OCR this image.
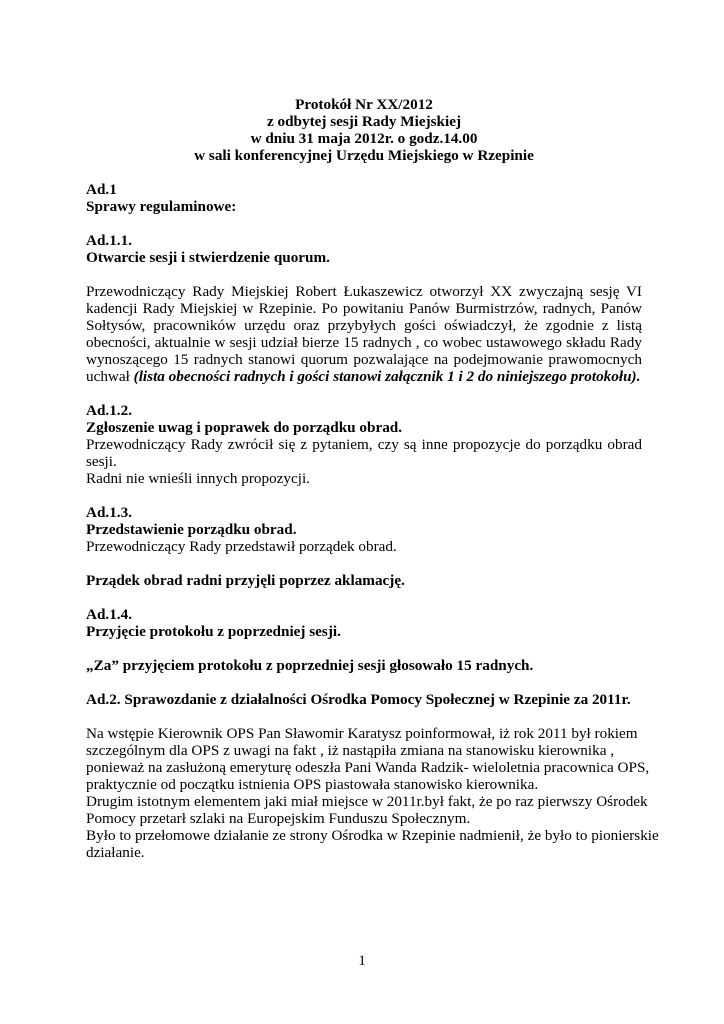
Protokół Nr XX/2012
z odbytej sesji Rady Miejskiej
w dniu 31 maja 2012r. o godz.14.00
w sali konferencyjnej Urzędu Miejskiego w Rzepinie
Ad.1
Sprawy regulaminowe:
Ad.1.1.
Otwarcie sesji i stwierdzenie quorum.
Przewodniczący Rady Miejskiej Robert Łukaszewicz otworzył XX zwyczajną sesję VI
kadencji Rady Miejskiej w Rzepinie. Po powitaniu Panów Burmistrzów, radnych, Panów
Sołtysów, pracowników urzędu oraz przybyłych gości oświadczył, że zgodnie z listą
obecności, aktualnie w sesji udział bierze 15 radnych , co wobec ustawowego składu Rady
wynoszącego 15 radnych stanowi quorum pozwalające na podejmowanie prawomocnych
uchwał (lista obecności radnych i gości stanowi załącznik 1 i 2 do niniejszego protokołu).
Ad.1.2.
Zgłoszenie uwag i poprawek do porządku obrad.
Przewodniczący Rady zwrócił się z pytaniem, czy są inne propozycje do porządku obrad
sesji.
Radni nie wnieśli innych propozycji.
Ad.1.3.
Przedstawienie porządku obrad.
Przewodniczący Rady przedstawił porządek obrad.
Prządek obrad radni przyjęli poprzez aklamację.
Ad.1.4.
Przyjęcie protokołu z poprzedniej sesji.
„Za” przyjęciem protokołu z poprzedniej sesji głosowało 15 radnych.
Ad.2. Sprawozdanie z działalności Ośrodka Pomocy Społecznej w Rzepinie za 2011r.
Na wstępie Kierownik OPS Pan Sławomir Karatysz poinformował, iż rok 2011 był rokiem
szczególnym dla OPS z uwagi na fakt , iż nastąpiła zmiana na stanowisku kierownika ,
ponieważ na zasłużoną emeryturę odeszła Pani Wanda Radzik- wieloletnia pracownica OPS,
praktycznie od początku istnienia OPS piastowała stanowisko kierownika.
Drugim istotnym elementem jaki miał miejsce w 2011r.był fakt, że po raz pierwszy Ośrodek
Pomocy przetarł szlaki na Europejskim Funduszu Społecznym.
Było to przełomowe działanie ze strony Ośrodka w Rzepinie nadmienił, że było to pionierskie
działanie.
1
